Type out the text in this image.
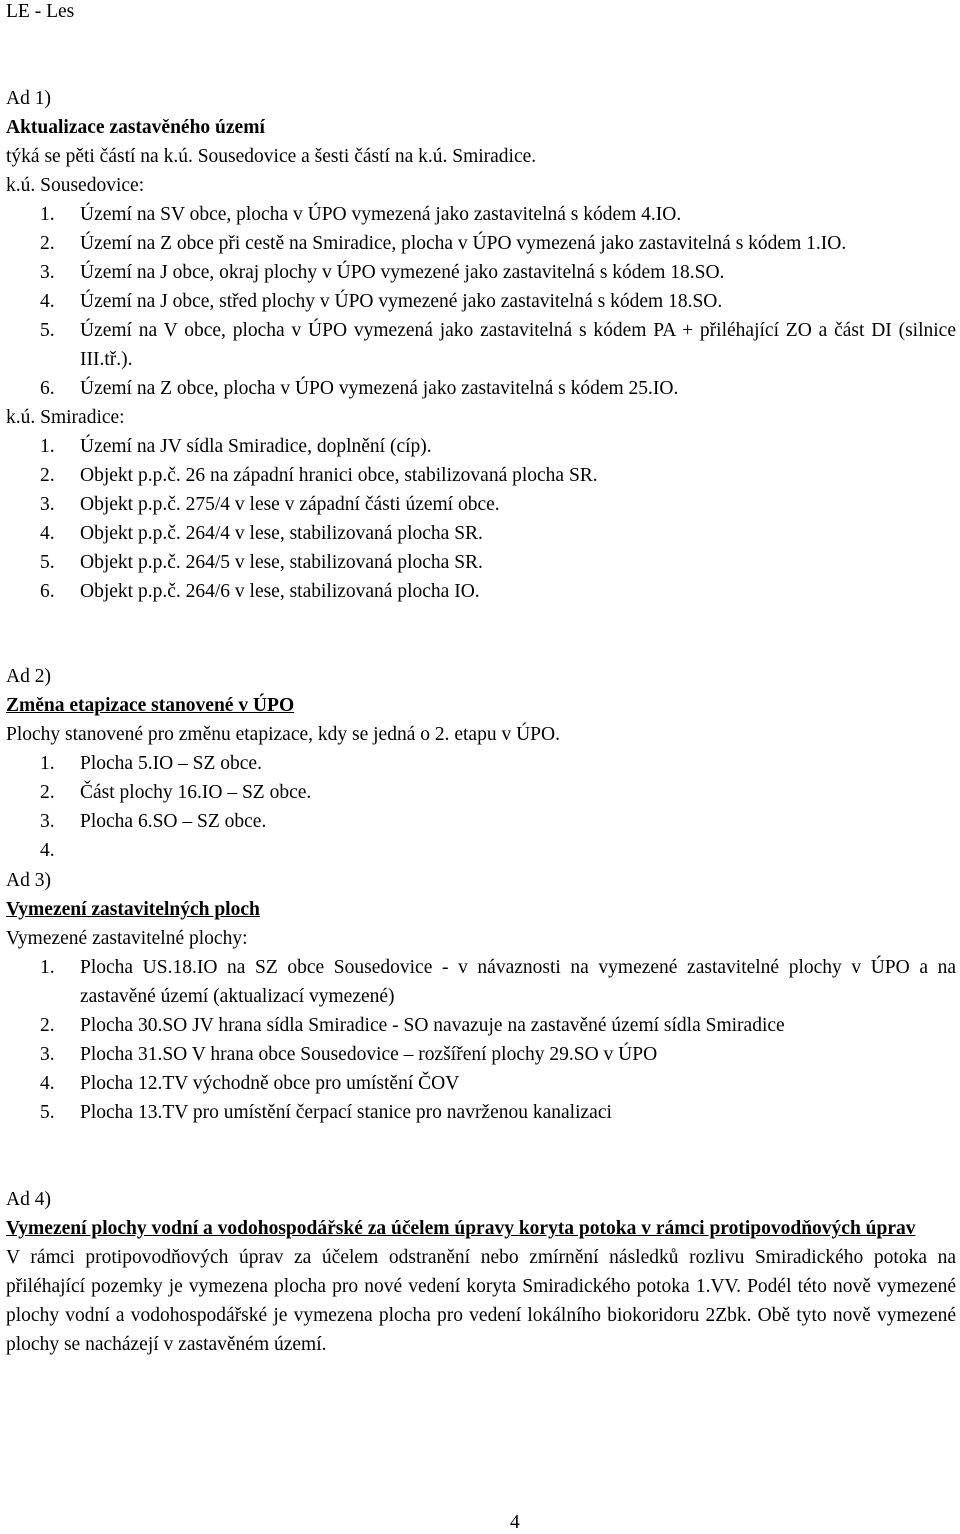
LE - Les
Ad 1)
Aktualizace zastavěného území
týká se pěti částí na k.ú. Sousedovice a šesti částí na k.ú. Smiradice.
k.ú. Sousedovice:
1. Území na SV obce, plocha v ÚPO vymezená jako zastavitelná s kódem 4.IO.
2. Území na Z obce při cestě na Smiradice, plocha v ÚPO vymezená jako zastavitelná s kódem 1.IO.
3. Území na J obce, okraj plochy v ÚPO vymezené jako zastavitelná s kódem 18.SO.
4. Území na J obce, střed plochy v ÚPO vymezené jako zastavitelná s kódem 18.SO.
5. Území na V obce, plocha v ÚPO vymezená jako zastavitelná s kódem PA + přiléhající ZO a část DI (silnice III.tř.).
6. Území na Z obce, plocha v ÚPO vymezená jako zastavitelná s kódem 25.IO.
k.ú. Smiradice:
1. Území na JV sídla Smiradice, doplnění (cíp).
2. Objekt p.p.č. 26 na západní hranici obce, stabilizovaná plocha SR.
3. Objekt p.p.č. 275/4 v lese v západní části území obce.
4. Objekt p.p.č. 264/4 v lese, stabilizovaná plocha SR.
5. Objekt p.p.č. 264/5 v lese, stabilizovaná plocha SR.
6. Objekt p.p.č. 264/6 v lese, stabilizovaná plocha IO.
Ad 2)
Změna etapizace stanovené v ÚPO
Plochy stanovené pro změnu etapizace, kdy se jedná o 2. etapu v ÚPO.
1. Plocha 5.IO – SZ obce.
2. Část plochy 16.IO – SZ obce.
3. Plocha 6.SO – SZ obce.
4.
Ad 3)
Vymezení zastavitelných ploch
Vymezené zastavitelné plochy:
1. Plocha US.18.IO na SZ obce Sousedovice - v návaznosti na vymezené zastavitelné plochy v ÚPO a na zastavěné území (aktualizací vymezené)
2. Plocha 30.SO JV hrana sídla Smiradice - SO navazuje na zastavěné území sídla Smiradice
3. Plocha 31.SO V hrana obce Sousedovice – rozšíření plochy 29.SO v ÚPO
4. Plocha 12.TV východně obce pro umístění ČOV
5. Plocha 13.TV pro umístění čerpací stanice pro navrženou kanalizaci
Ad 4)
Vymezení plochy vodní a vodohospodářské za účelem úpravy koryta potoka v rámci protipovodňových úprav
V rámci protipovodňových úprav za účelem odstranění nebo zmírnění následků rozlivu Smiradického potoka na přiléhající pozemky je vymezena plocha pro nové vedení koryta Smiradického potoka 1.VV. Podél této nově vymezené plochy vodní a vodohospodářské je vymezena plocha pro vedení lokálního biokoridoru 2Zbk. Obě tyto nově vymezené plochy se nacházejí v zastavěném území.
4
